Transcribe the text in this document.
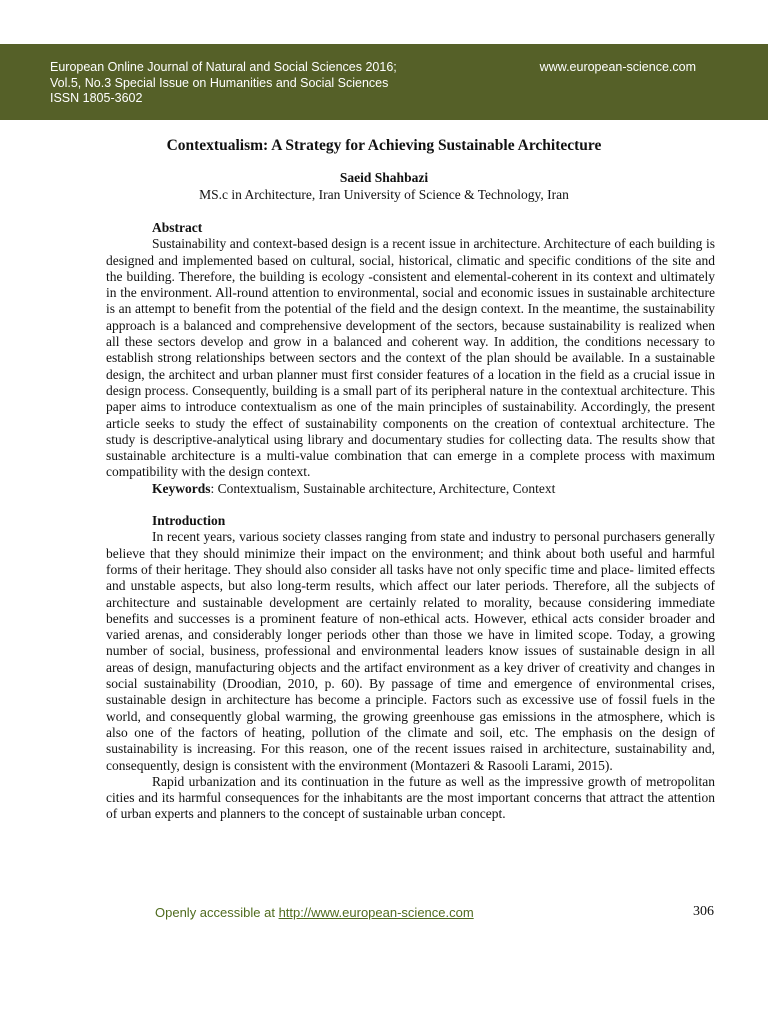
European Online Journal of Natural and Social Sciences 2016;
Vol.5, No.3 Special Issue on Humanities and Social Sciences
ISSN 1805-3602
www.european-science.com
Contextualism: A Strategy for Achieving Sustainable Architecture
Saeid Shahbazi
MS.c in Architecture, Iran University of Science & Technology, Iran

Abstract

Sustainability and context-based design is a recent issue in architecture. Architecture of each building is designed and implemented based on cultural, social, historical, climatic and specific conditions of the site and the building. Therefore, the building is ecology -consistent and elemental-coherent in its context and ultimately in the environment. All-round attention to environmental, social and economic issues in sustainable architecture is an attempt to benefit from the potential of the field and the design context. In the meantime, the sustainability approach is a balanced and comprehensive development of the sectors, because sustainability is realized when all these sectors develop and grow in a balanced and coherent way. In addition, the conditions necessary to establish strong relationships between sectors and the context of the plan should be available. In a sustainable design, the architect and urban planner must first consider features of a location in the field as a crucial issue in design process. Consequently, building is a small part of its peripheral nature in the contextual architecture. This paper aims to introduce contextualism as one of the main principles of sustainability. Accordingly, the present article seeks to study the effect of sustainability components on the creation of contextual architecture. The study is descriptive-analytical using library and documentary studies for collecting data. The results show that sustainable architecture is a multi-value combination that can emerge in a complete process with maximum compatibility with the design context.

Keywords: Contextualism, Sustainable architecture, Architecture, Context

Introduction

In recent years, various society classes ranging from state and industry to personal purchasers generally believe that they should minimize their impact on the environment; and think about both useful and harmful forms of their heritage. They should also consider all tasks have not only specific time and place- limited effects and unstable aspects, but also long-term results, which affect our later periods. Therefore, all the subjects of architecture and sustainable development are certainly related to morality, because considering immediate benefits and successes is a prominent feature of non-ethical acts. However, ethical acts consider broader and varied arenas, and considerably longer periods other than those we have in limited scope. Today, a growing number of social, business, professional and environmental leaders know issues of sustainable design in all areas of design, manufacturing objects and the artifact environment as a key driver of creativity and changes in social sustainability (Droodian, 2010, p. 60). By passage of time and emergence of environmental crises, sustainable design in architecture has become a principle. Factors such as excessive use of fossil fuels in the world, and consequently global warming, the growing greenhouse gas emissions in the atmosphere, which is also one of the factors of heating, pollution of the climate and soil, etc. The emphasis on the design of sustainability is increasing. For this reason, one of the recent issues raised in architecture, sustainability and, consequently, design is consistent with the environment (Montazeri & Rasooli Larami, 2015).

Rapid urbanization and its continuation in the future as well as the impressive growth of metropolitan cities and its harmful consequences for the inhabitants are the most important concerns that attract the attention of urban experts and planners to the concept of sustainable urban concept.

Openly accessible at http://www.european-science.com	306
